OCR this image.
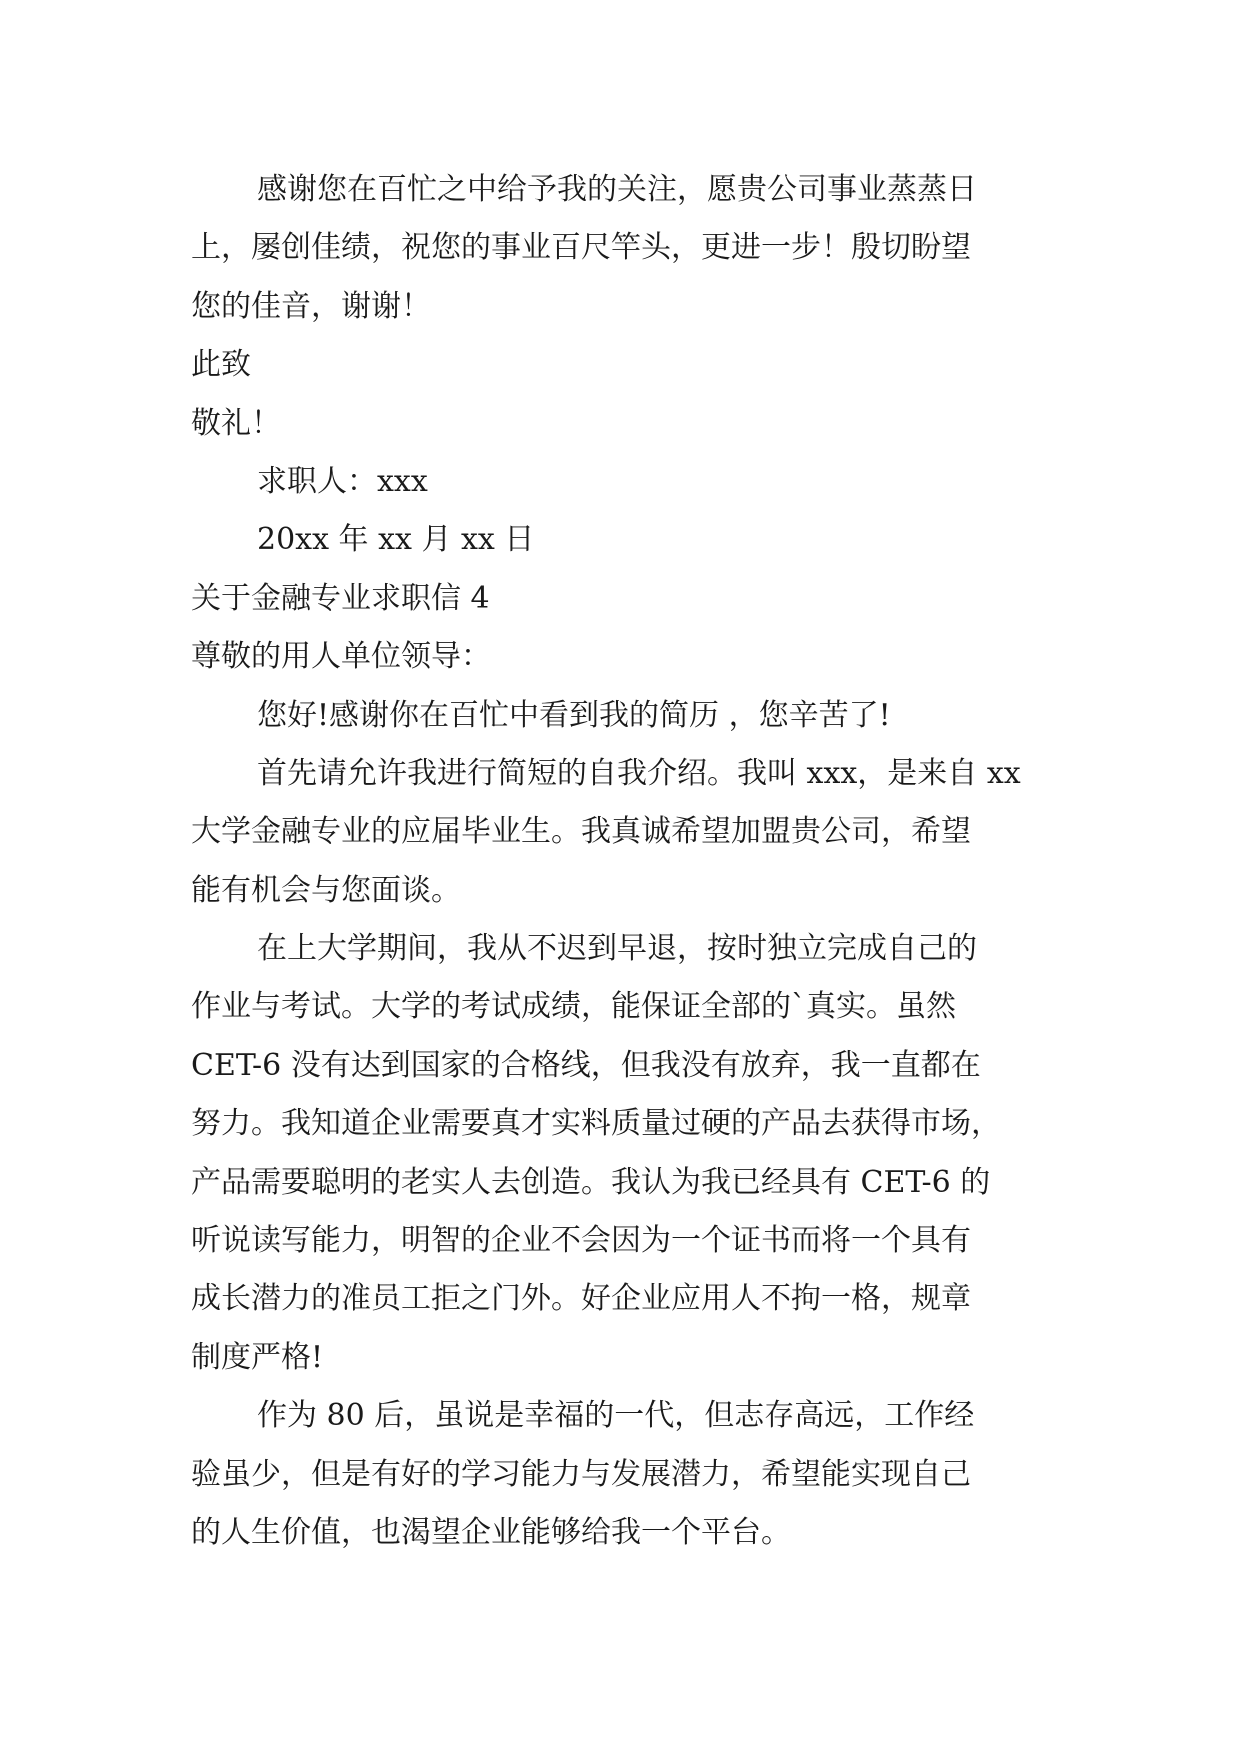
感谢您在百忙之中给予我的关注，愿贵公司事业蒸蒸日
上，屡创佳绩，祝您的事业百尺竿头，更进一步！殷切盼望
您的佳音，谢谢！
此致
敬礼！
求职人：xxx
20xx 年 xx 月 xx 日
关于金融专业求职信 4
尊敬的用人单位领导：
您好!感谢你在百忙中看到我的简历 ，您辛苦了!
首先请允许我进行简短的自我介绍。我叫 xxx，是来自 xx
大学金融专业的应届毕业生。我真诚希望加盟贵公司，希望
能有机会与您面谈。
在上大学期间，我从不迟到早退，按时独立完成自己的
作业与考试。大学的考试成绩，能保证全部的`真实。虽然
CET-6 没有达到国家的合格线，但我没有放弃，我一直都在
努力。我知道企业需要真才实料质量过硬的产品去获得市场，
产品需要聪明的老实人去创造。我认为我已经具有 CET-6 的
听说读写能力，明智的企业不会因为一个证书而将一个具有
成长潜力的准员工拒之门外。好企业应用人不拘一格，规章
制度严格!
作为 80 后，虽说是幸福的一代，但志存高远，工作经
验虽少，但是有好的学习能力与发展潜力，希望能实现自己
的人生价值，也渴望企业能够给我一个平台。
